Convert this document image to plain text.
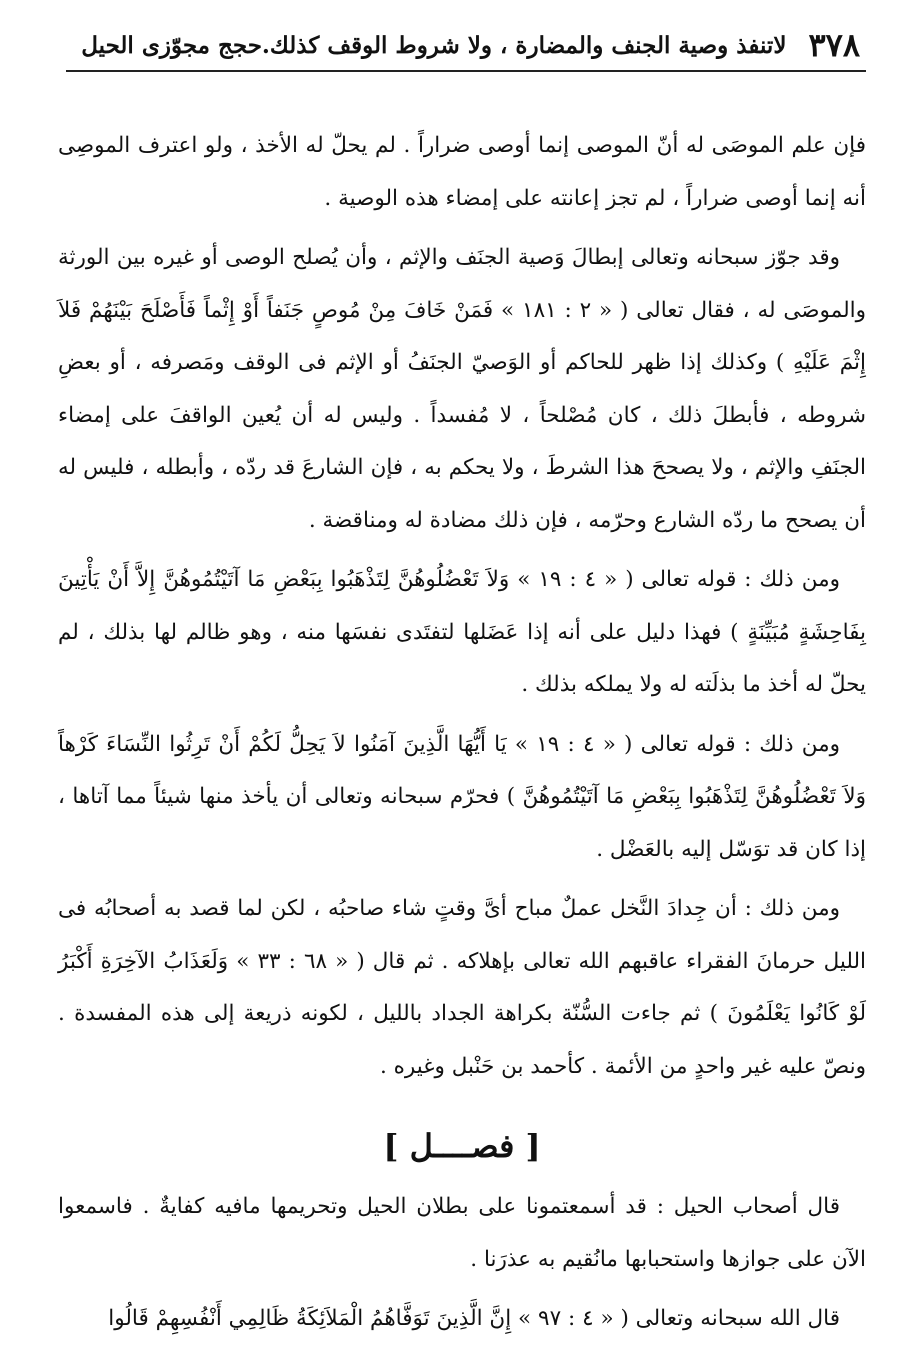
٣٧٨
لاتنفذ وصية الجنف والمضارة ، ولا شروط الوقف كذلك.حجج مجوّزى الحيل

فإن علم الموصَى له أنّ الموصى إنما أوصى ضراراً . لم يحلّ له الأخذ ، ولو اعترف الموصِى أنه إنما أوصى ضراراً ، لم تجز إعانته على إمضاء هذه الوصية .

وقد جوّز سبحانه وتعالى إبطالَ وَصية الجنَف والإثم ، وأن يُصلح الوصى أو غيره بين الورثة والموصَى له ، فقال تعالى ( « ٢ : ١٨١ » فَمَنْ خَافَ مِنْ مُوصٍ جَنَفاً أَوْ إِثْماً فَأَصْلَحَ بَيْنَهُمْ فَلاَ إِثْمَ عَلَيْهِ ) وكذلك إذا ظهر للحاكم أو الوَصيّ الجنَفُ أو الإثم فى الوقف ومَصرفه ، أو بعضِ شروطه ، فأبطلَ ذلك ، كان مُصْلحاً ، لا مُفسداً . وليس له أن يُعين الواقفَ على إمضاء الجنَفِ والإثم ، ولا يصححَ هذا الشرطَ ، ولا يحكم به ، فإن الشارعَ قد ردّه ، وأبطله ، فليس له أن يصحح ما ردّه الشارع وحرّمه ، فإن ذلك مضادة له ومناقضة .

ومن ذلك : قوله تعالى ( « ٤ : ١٩ » وَلاَ تَعْضُلُوهُنَّ لِتَذْهَبُوا بِبَعْضِ مَا آتَيْتُمُوهُنَّ إِلاَّ أَنْ يَأْتِينَ بِفَاحِشَةٍ مُبَيِّنَةٍ ) فهذا دليل على أنه إذا عَضَلها لتفتَدى نفسَها منه ، وهو ظالم لها بذلك ، لم يحلّ له أخذ ما بذلَته له ولا يملكه بذلك .

ومن ذلك : قوله تعالى ( « ٤ : ١٩ » يَا أَيُّهَا الَّذِينَ آمَنُوا لاَ يَحِلُّ لَكُمْ أَنْ تَرِثُوا النِّسَاءَ كَرْهاً وَلاَ تَعْضُلُوهُنَّ لِتَذْهَبُوا بِبَعْضِ مَا آتَيْتُمُوهُنَّ ) فحرّم سبحانه وتعالى أن يأخذ منها شيئاً مما آتاها ، إذا كان قد توَسّل إليه بالعَضْل .

ومن ذلك : أن جِدادَ النَّخل عملٌ مباح أىَّ وقتٍ شاء صاحبُه ، لكن لما قصد به أصحابُه فى الليل حرمانَ الفقراء عاقبهم الله تعالى بإهلاكه . ثم قال ( « ٦٨ : ٣٣ » وَلَعَذَابُ الآخِرَةِ أَكْبَرُ لَوْ كَانُوا يَعْلَمُونَ ) ثم جاءت السُّنّة بكراهة الجداد بالليل ، لكونه ذريعة إلى هذه المفسدة . ونصّ عليه غير واحدٍ من الأئمة . كأحمد بن حَنْبل وغيره .

[ فصــــل ]

قال أصحاب الحيل : قد أسمعتمونا على بطلان الحيل وتحريمها مافيه كفايةٌ . فاسمعوا الآن على جوازها واستحبابها مانُقيم به عذرَنا .

قال الله سبحانه وتعالى ( « ٤ : ٩٧ » إِنَّ الَّذِينَ تَوَفَّاهُمُ الْمَلاَئِكَةُ ظَالِمِي أَنْفُسِهِمْ قَالُوا
